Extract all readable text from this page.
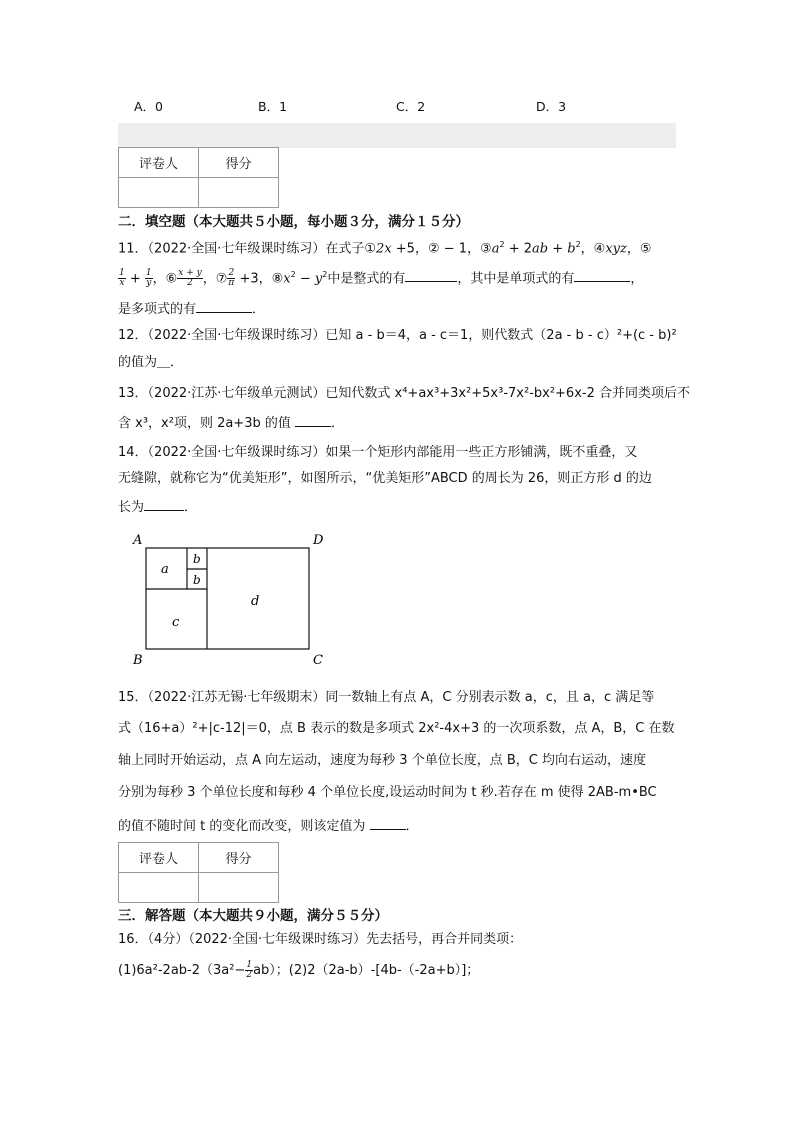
A．0	B．1	C．2	D．3
评卷人	得分

二．填空题（本大题共５小题，每小题３分，满分１５分）
11．（2022·全国·七年级课时练习）在式子①2x +5，② − 1，$③a^2 + 2ab + b^2$，④xyz，⑤
$\frac{1}{x} + \frac{1}{y}$ ，⑥ $\frac{x + y}{2}$ ，⑦ $\frac{2}{\pi} +3$，$⑧x^2 - y^2$中是整式的有	，其中是单项式的有	，
是多项式的有	．
12．（2022·全国·七年级课时练习）已知 a - b＝4，a - c＝1，则代数式（2a - b - c）²+(c - b)²
的值为＿．
13．（2022·江苏·七年级单元测试）已知代数式 x⁴+ax³+3x²+5x³-7x²-bx²+6x-2 合并同类项后不
含 x³，x²项，则 2a+3b 的值	．
14．（2022·全国·七年级课时练习）如果一个矩形内部能用一些正方形铺满，既不重叠，又
无缝隙，就称它为“优美矩形”，如图所示，“优美矩形”ABCD 的周长为 26，则正方形 d 的边
长为	．
A	D
B	C
a
b
b
c
d
15．（2022·江苏无锡·七年级期末）同一数轴上有点 A，C 分别表示数 a，c，且 a，c 满足等
式（16+a）²+|c-12|＝0，点 B 表示的数是多项式 2x²-4x+3 的一次项系数，点 A，B，C 在数
轴上同时开始运动，点 A 向左运动，速度为每秒 3 个单位长度，点 B，C 均向右运动，速度
分别为每秒 3 个单位长度和每秒 4 个单位长度,设运动时间为 t 秒.若存在 m 使得 2AB-m•BC
的值不随时间 t 的变化而改变，则该定值为	．
评卷人	得分

三．解答题（本大题共９小题，满分５５分）
16．（4分）（2022·全国·七年级课时练习）先去括号，再合并同类项：
$(1)6a^2-2ab-2(3a^2- \frac{1}{2} ab)$；(2)2（2a-b）-[4b-（-2a+b）]；
